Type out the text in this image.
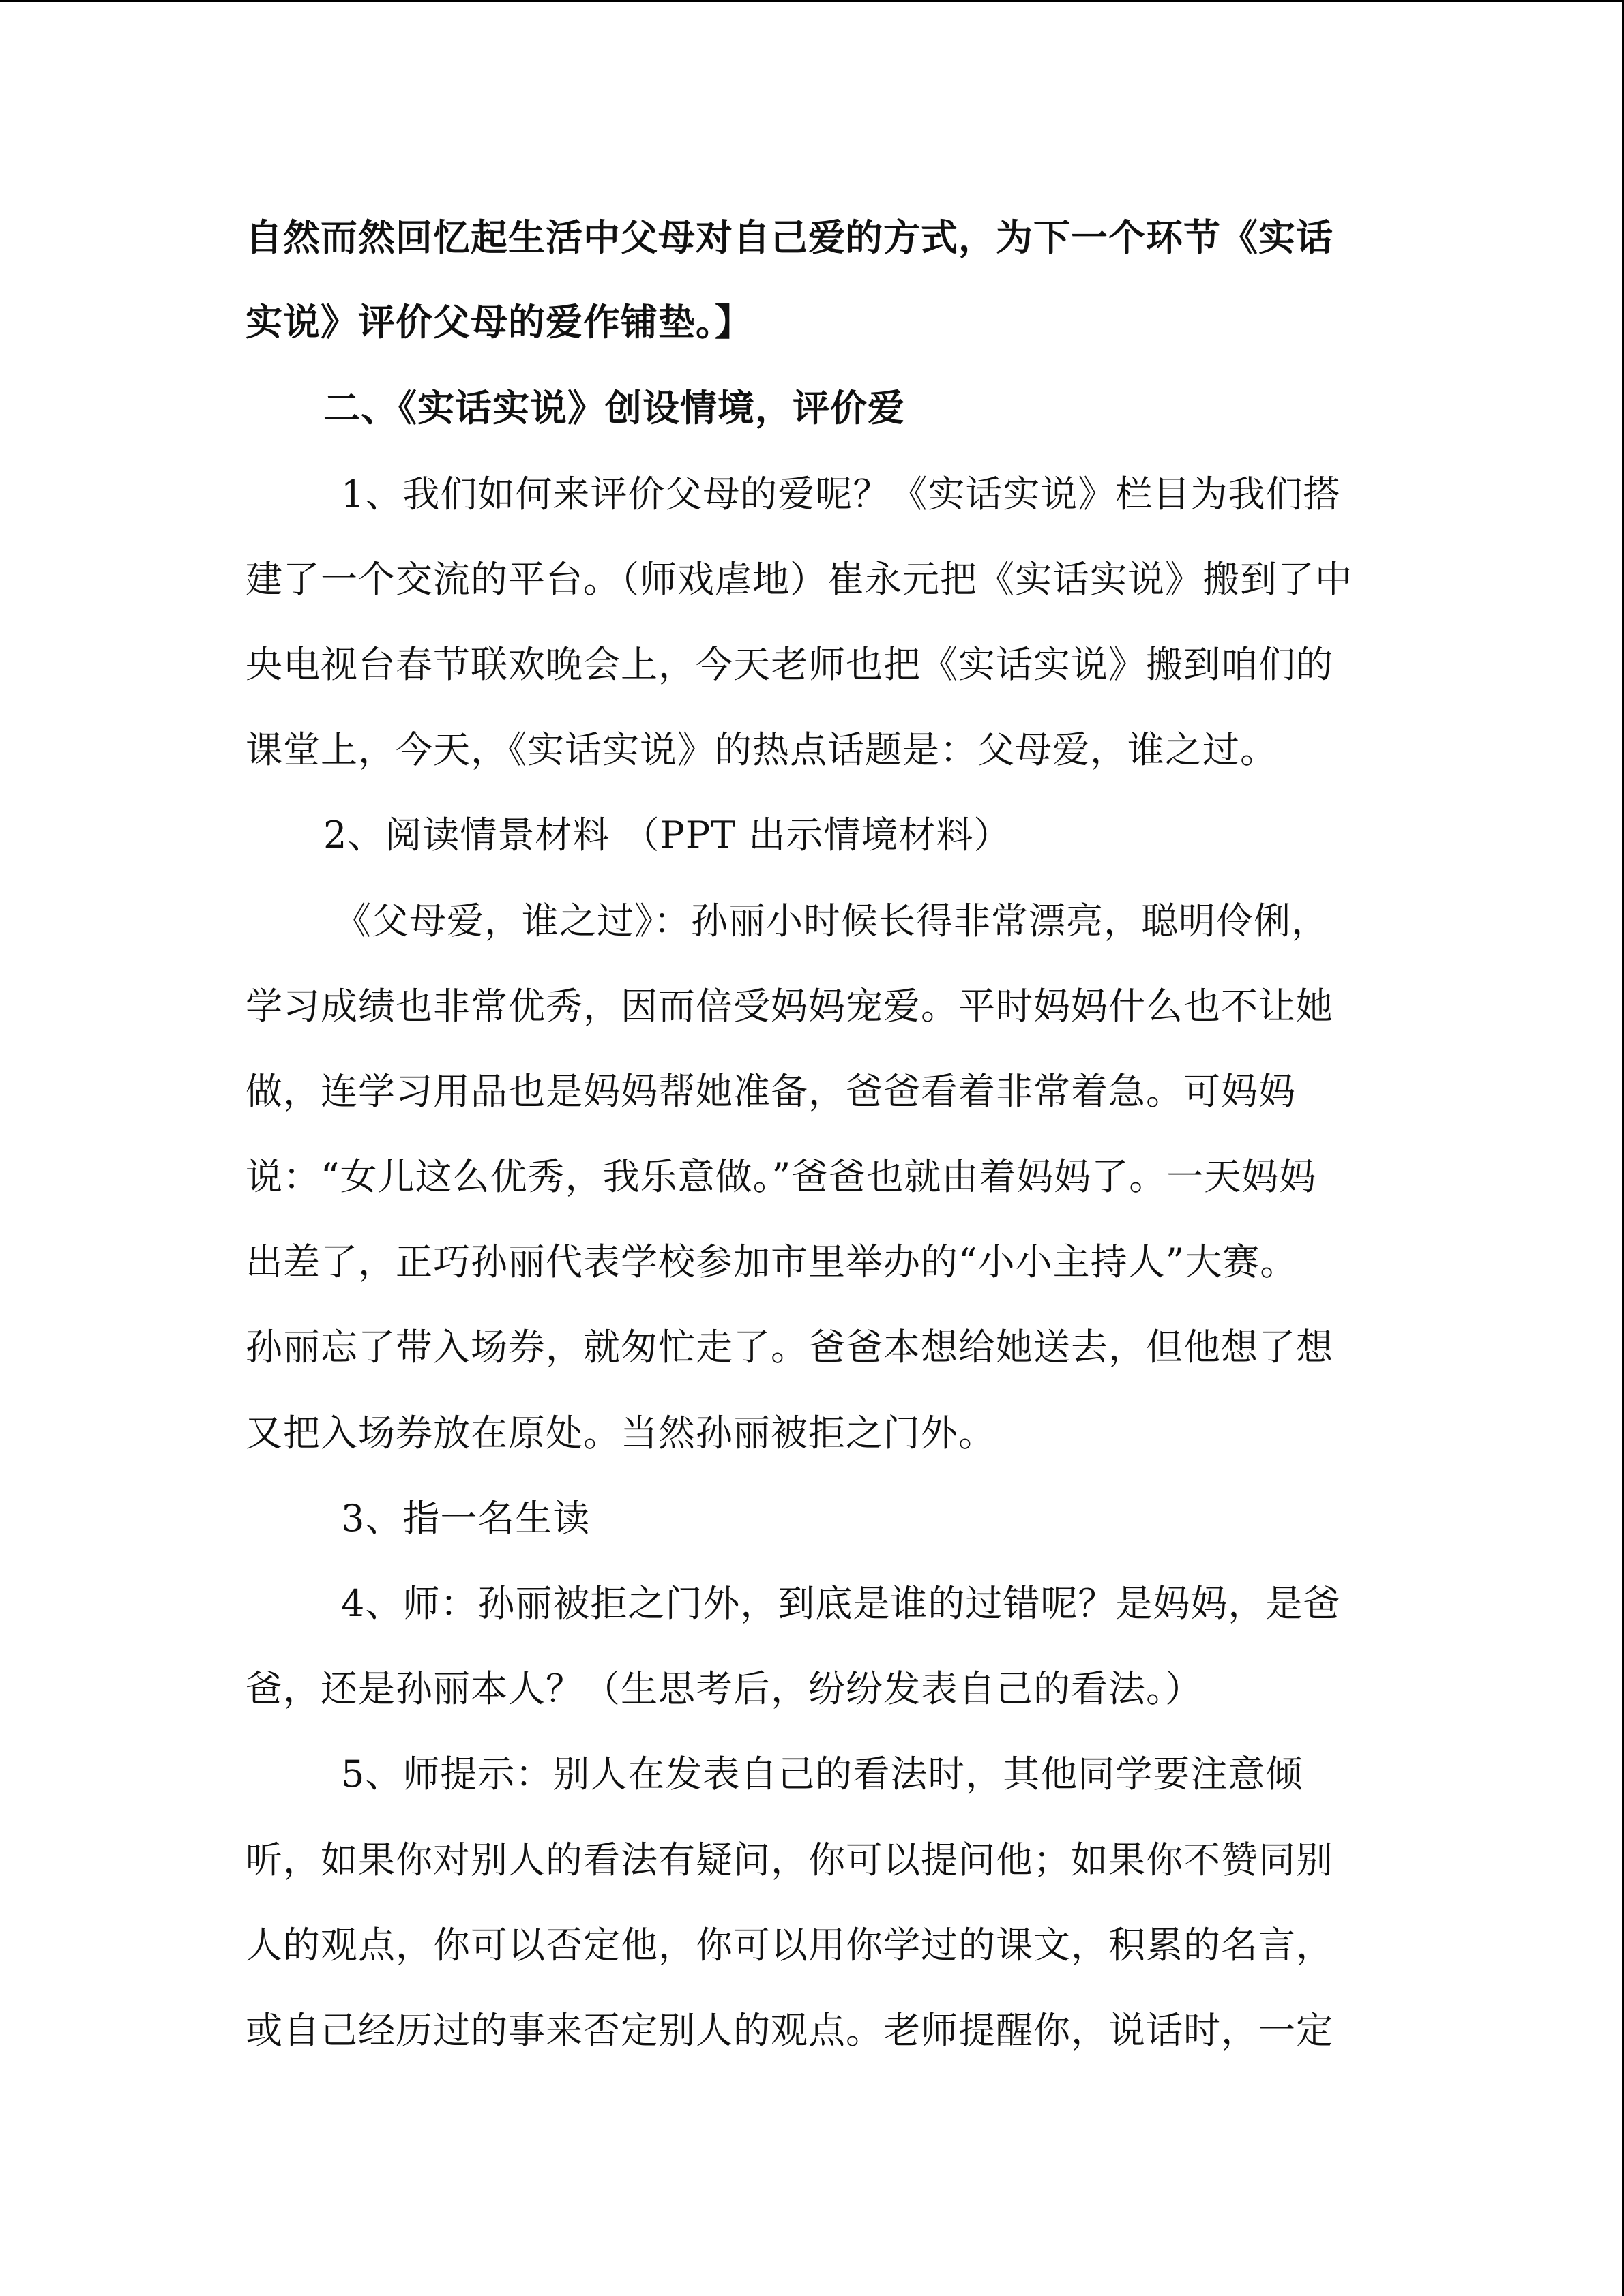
自然而然回忆起生活中父母对自己爱的方式，为下一个环节《实话
实说》评价父母的爱作铺垫。】
二、《实话实说》创设情境，评价爱
1、我们如何来评价父母的爱呢？《实话实说》栏目为我们搭
建了一个交流的平台。（师戏虐地）崔永元把《实话实说》搬到了中
央电视台春节联欢晚会上，今天老师也把《实话实说》搬到咱们的
课堂上，今天，《实话实说》的热点话题是：父母爱，谁之过。
2、阅读情景材料 （PPT 出示情境材料）
《父母爱，谁之过》：孙丽小时候长得非常漂亮，聪明伶俐，
学习成绩也非常优秀，因而倍受妈妈宠爱。平时妈妈什么也不让她
做，连学习用品也是妈妈帮她准备，爸爸看着非常着急。可妈妈
说：“女儿这么优秀，我乐意做。”爸爸也就由着妈妈了。一天妈妈
出差了，正巧孙丽代表学校参加市里举办的“小小主持人”大赛。
孙丽忘了带入场券，就匆忙走了。爸爸本想给她送去，但他想了想
又把入场券放在原处。当然孙丽被拒之门外。
3、指一名生读
4、师：孙丽被拒之门外，到底是谁的过错呢？是妈妈，是爸
爸，还是孙丽本人？（生思考后，纷纷发表自己的看法。）
5、师提示：别人在发表自己的看法时，其他同学要注意倾
听，如果你对别人的看法有疑问，你可以提问他；如果你不赞同别
人的观点，你可以否定他，你可以用你学过的课文，积累的名言，
或自己经历过的事来否定别人的观点。老师提醒你，说话时，一定
